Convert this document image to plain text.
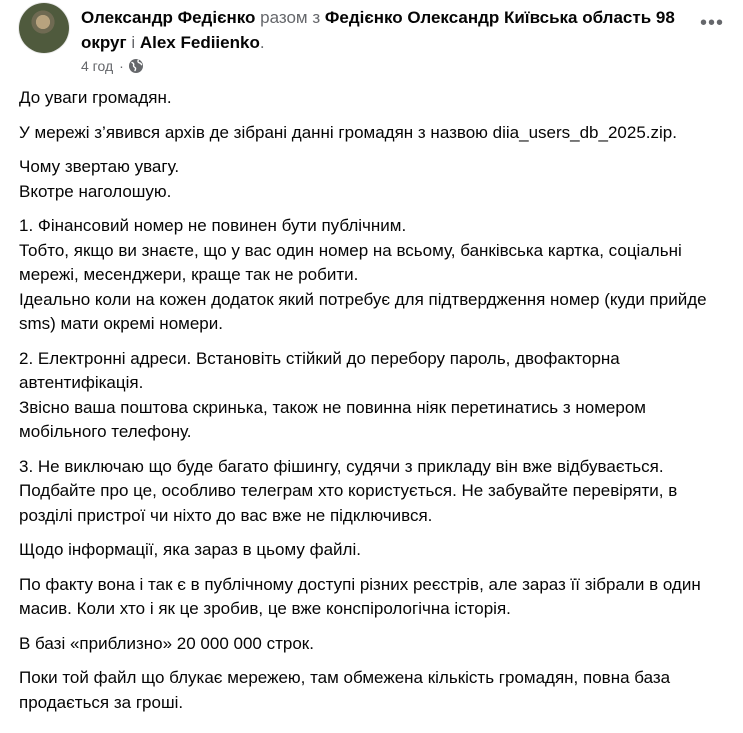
Олександр Федієнко разом з Федієнко Олександр Київська область 98 округ і Alex Fediienko.
4 год ·
•••

До уваги громадян.

У мережі з’явився архів де зібрані данні громадян з назвою diia_users_db_2025.zip.

Чому звертаю увагу.
Вкотре наголошую.

1. Фінансовий номер не повинен бути публічним.
Тобто, якщо ви знаєте, що у вас один номер на всьому, банківська картка, соціальні мережі, месенджери, краще так не робити.
Ідеально коли на кожен додаток який потребує для підтвердження номер (куди прийде sms) мати окремі номери.

2. Електронні адреси. Встановіть стійкий до перебору пароль, двофакторна автентифікація.
Звісно ваша поштова скринька, також не повинна ніяк перетинатись з номером мобільного телефону.

3. Не виключаю що буде багато фішингу, судячи з прикладу він вже відбувається. Подбайте про це, особливо телеграм хто користується. Не забувайте перевіряти, в розділі пристрої чи ніхто до вас вже не підключився.

Щодо інформації, яка зараз в цьому файлі.

По факту вона і так є в публічному доступі різних реєстрів, але зараз її зібрали в один масив. Коли хто і як це зробив, це вже конспірологічна історія.

В базі «приблизно» 20 000 000 строк.

Поки той файл що блукає мережею, там обмежена кількість громадян, повна база продається за гроші.
